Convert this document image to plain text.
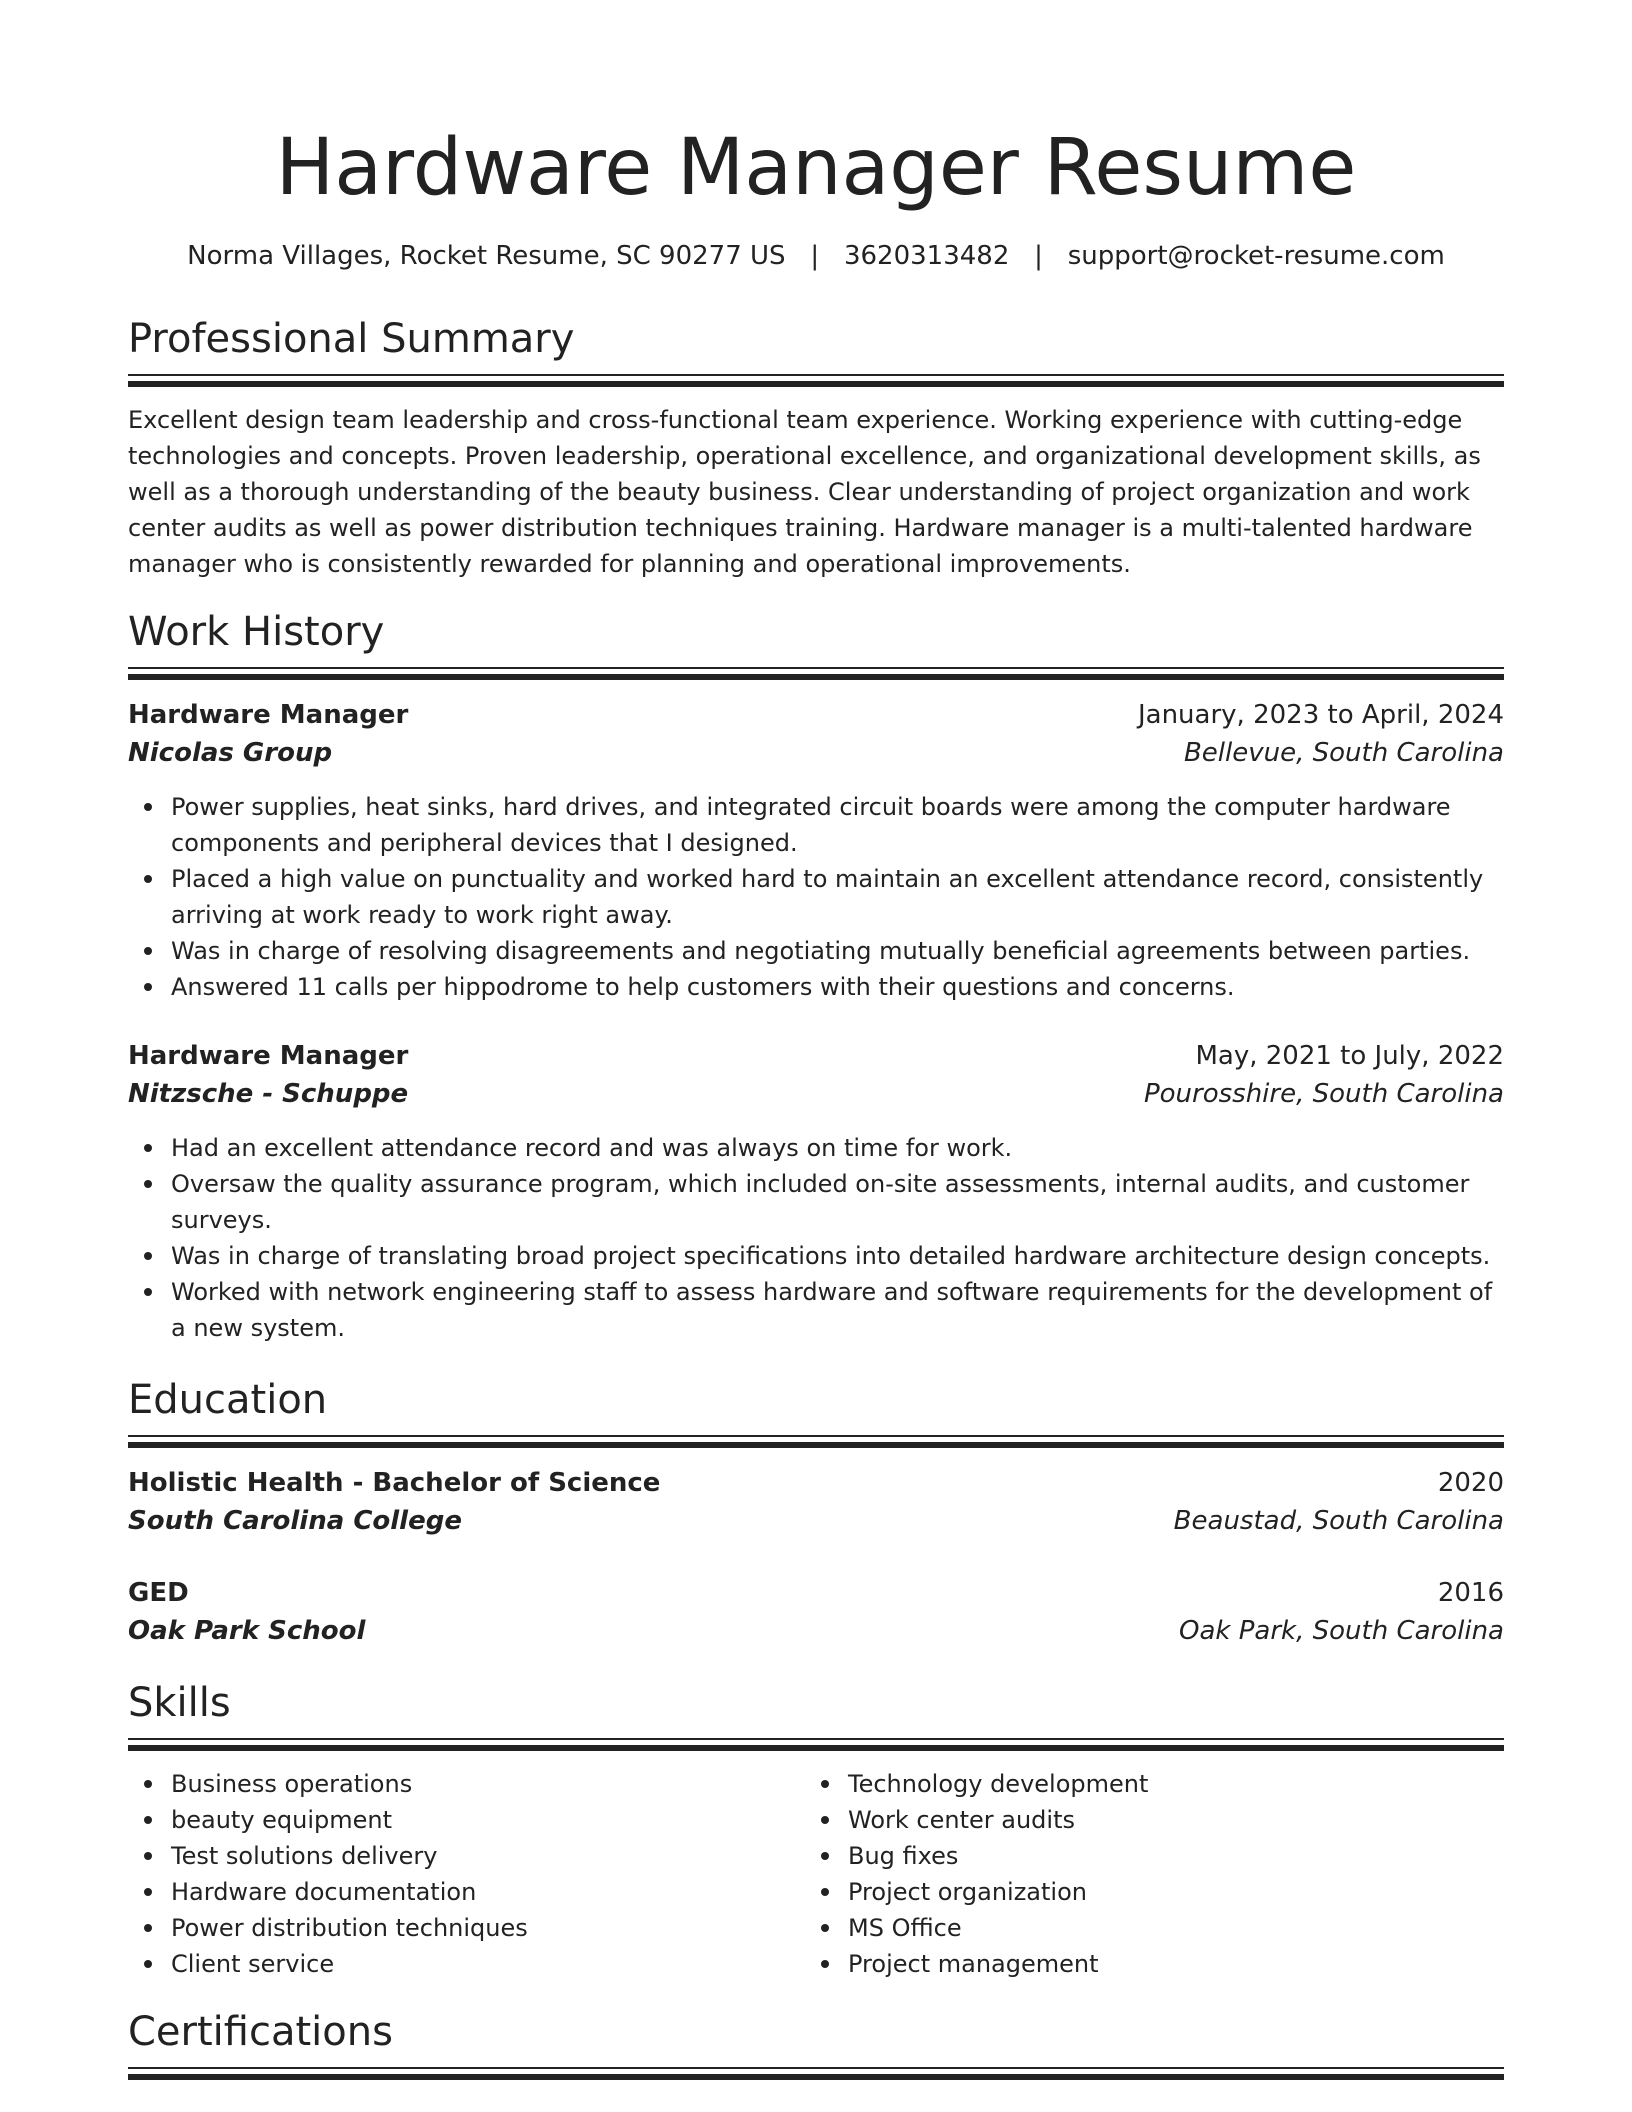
Hardware Manager Resume
Norma Villages, Rocket Resume, SC 90277 US | 3620313482 | support@rocket-resume.com
Professional Summary

Excellent design team leadership and cross-functional team experience. Working experience with cutting-edge technologies and concepts. Proven leadership, operational excellence, and organizational development skills, as well as a thorough understanding of the beauty business. Clear understanding of project organization and work center audits as well as power distribution techniques training. Hardware manager is a multi-talented hardware manager who is consistently rewarded for planning and operational improvements.

Work History
Hardware Manager	January, 2023 to April, 2024
Nicolas Group	Bellevue, South Carolina
Power supplies, heat sinks, hard drives, and integrated circuit boards were among the computer hardware components and peripheral devices that I designed.
Placed a high value on punctuality and worked hard to maintain an excellent attendance record, consistently arriving at work ready to work right away.
Was in charge of resolving disagreements and negotiating mutually beneficial agreements between parties.
Answered 11 calls per hippodrome to help customers with their questions and concerns.
Hardware Manager	May, 2021 to July, 2022
Nitzsche - Schuppe	Pourosshire, South Carolina
Had an excellent attendance record and was always on time for work.
Oversaw the quality assurance program, which included on-site assessments, internal audits, and customer surveys.
Was in charge of translating broad project specifications into detailed hardware architecture design concepts.
Worked with network engineering staff to assess hardware and software requirements for the development of a new system.
Education
Holistic Health - Bachelor of Science	2020
South Carolina College	Beaustad, South Carolina
GED	2016
Oak Park School	Oak Park, South Carolina
Skills
Business operations
beauty equipment
Test solutions delivery
Hardware documentation
Power distribution techniques
Client service
Technology development
Work center audits
Bug fixes
Project organization
MS Office
Project management
Certifications
